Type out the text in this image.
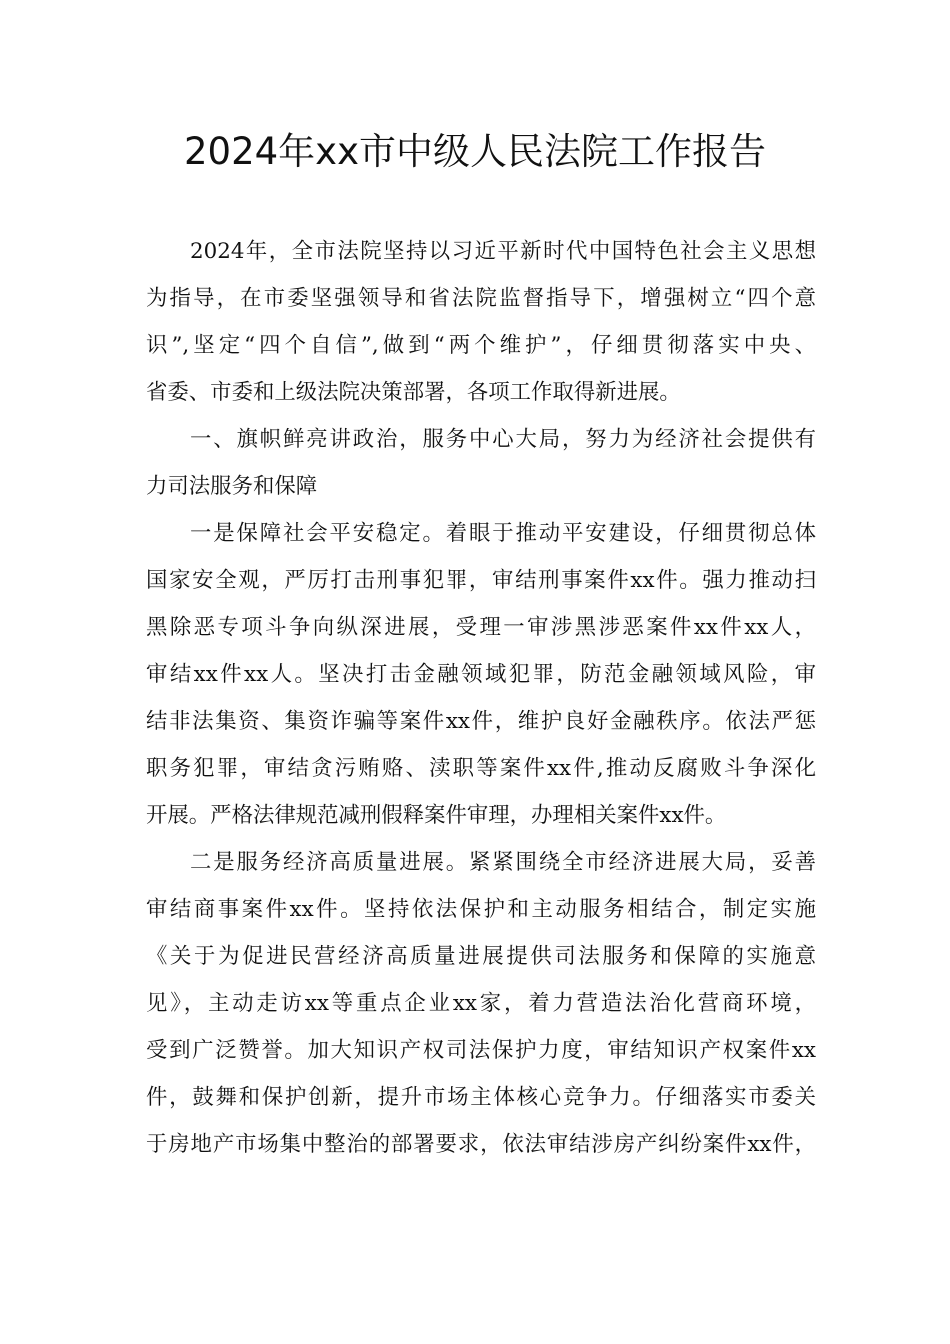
2024年xx市中级人民法院工作报告

2024年，全市法院坚持以习近平新时代中国特色社会主义思想

为指导，在市委坚强领导和省法院监督指导下，增强树立“四个意

识”,坚定“四个自信”,做到“两个维护”，仔细贯彻落实中央、

省委、市委和上级法院决策部署，各项工作取得新进展。

一、旗帜鲜亮讲政治，服务中心大局，努力为经济社会提供有

力司法服务和保障

一是保障社会平安稳定。着眼于推动平安建设，仔细贯彻总体

国家安全观，严厉打击刑事犯罪，审结刑事案件xx件。强力推动扫

黑除恶专项斗争向纵深进展，受理一审涉黑涉恶案件xx件xx人，

审结xx件xx人。坚决打击金融领域犯罪，防范金融领域风险，审

结非法集资、集资诈骗等案件xx件，维护良好金融秩序。依法严惩

职务犯罪，审结贪污贿赂、渎职等案件xx件,推动反腐败斗争深化

开展。严格法律规范减刑假释案件审理，办理相关案件xx件。

二是服务经济高质量进展。紧紧围绕全市经济进展大局，妥善

审结商事案件xx件。坚持依法保护和主动服务相结合，制定实施

《关于为促进民营经济高质量进展提供司法服务和保障的实施意

见》，主动走访xx等重点企业xx家，着力营造法治化营商环境，

受到广泛赞誉。加大知识产权司法保护力度，审结知识产权案件xx

件，鼓舞和保护创新，提升市场主体核心竞争力。仔细落实市委关

于房地产市场集中整治的部署要求，依法审结涉房产纠纷案件xx件，
